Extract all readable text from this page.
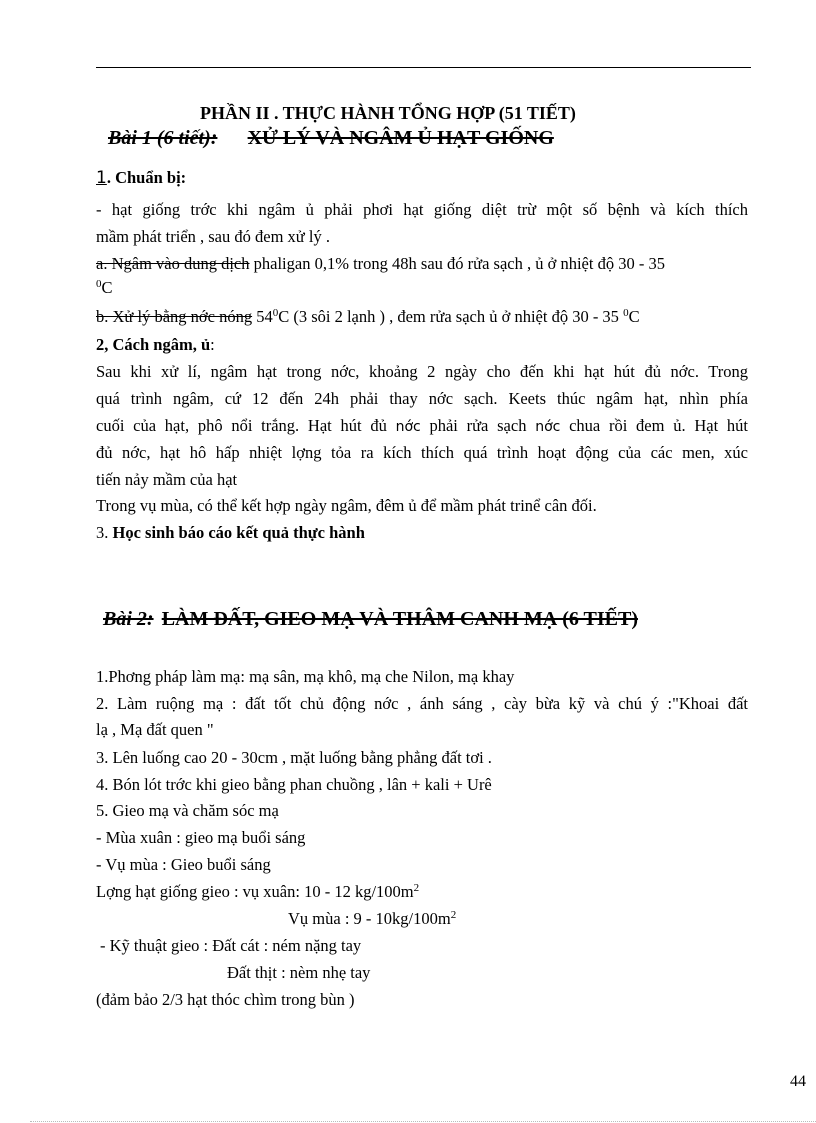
PHẦN II . THỰC HÀNH TỔNG HỢP (51 TIẾT)
Bài 1 (6 tiết): XỬ LÝ VÀ NGÂM Ủ HẠT GIỐNG
1. Chuẩn bị:
- hạt giống trớc khi ngâm ủ phải phơi hạt giống diệt trừ một số bệnh và kích thích
mầm phát triển , sau đó đem xử lý .
a. Ngâm vào dung dịch phaligan 0,1% trong 48h sau đó rửa sạch , ủ ở nhiệt độ 30 - 35
$^0$C
b. Xử lý bằng nớc nóng $54^0C$ (3 sôi 2 lạnh ) , đem rửa sạch ủ ở nhiệt độ 30 - 35 $^0$C
2, Cách ngâm, ủ:
Sau khi xử lí, ngâm hạt trong nớc, khoảng 2 ngày cho đến khi hạt hút đủ nớc. Trong
quá trình ngâm, cứ 12 đến 24h phải thay nớc sạch. Keets thúc ngâm hạt, nhìn phía
cuối của hạt, phô nổi trắng. Hạt hút đủ nớc phải rửa sạch nớc chua rồi đem ủ. Hạt hút
đủ nớc, hạt hô hấp nhiệt lợng tỏa ra kích thích quá trình hoạt động của các men, xúc
tiến nảy mầm của hạt
Trong vụ mùa, có thể kết hợp ngày ngâm, đêm ủ để mầm phát trinể cân đối.
3. Học sinh báo cáo kết quả thực hành
Bài 2: LÀM ĐẤT, GIEO MẠ VÀ THÂM CANH MẠ (6 TIẾT)
1.Phơng pháp làm mạ: mạ sân, mạ khô, mạ che Nilon, mạ khay
2. Làm ruộng mạ : đất tốt chủ động nớc , ánh sáng , cày bừa kỹ và chú ý :"Khoai đất
lạ , Mạ đất quen "
3. Lên luống cao 20 - 30cm , mặt luống bằng phẳng đất tơi .
4. Bón lót trớc khi gieo bằng phan chuồng , lân + kali + Urê
5. Gieo mạ và chăm sóc mạ
- Mùa xuân : gieo mạ buổi sáng
- Vụ mùa : Gieo buổi sáng
Lợng hạt giống gieo : vụ xuân: 10 - 12 $kg/100m^2$
Vụ mùa : $9 - 10kg/100m^2$
- Kỹ thuật gieo : Đất cát : ném nặng tay
Đất thịt : nèm nhẹ tay
(đảm bảo 2/3 hạt thóc chìm trong bùn )
44
